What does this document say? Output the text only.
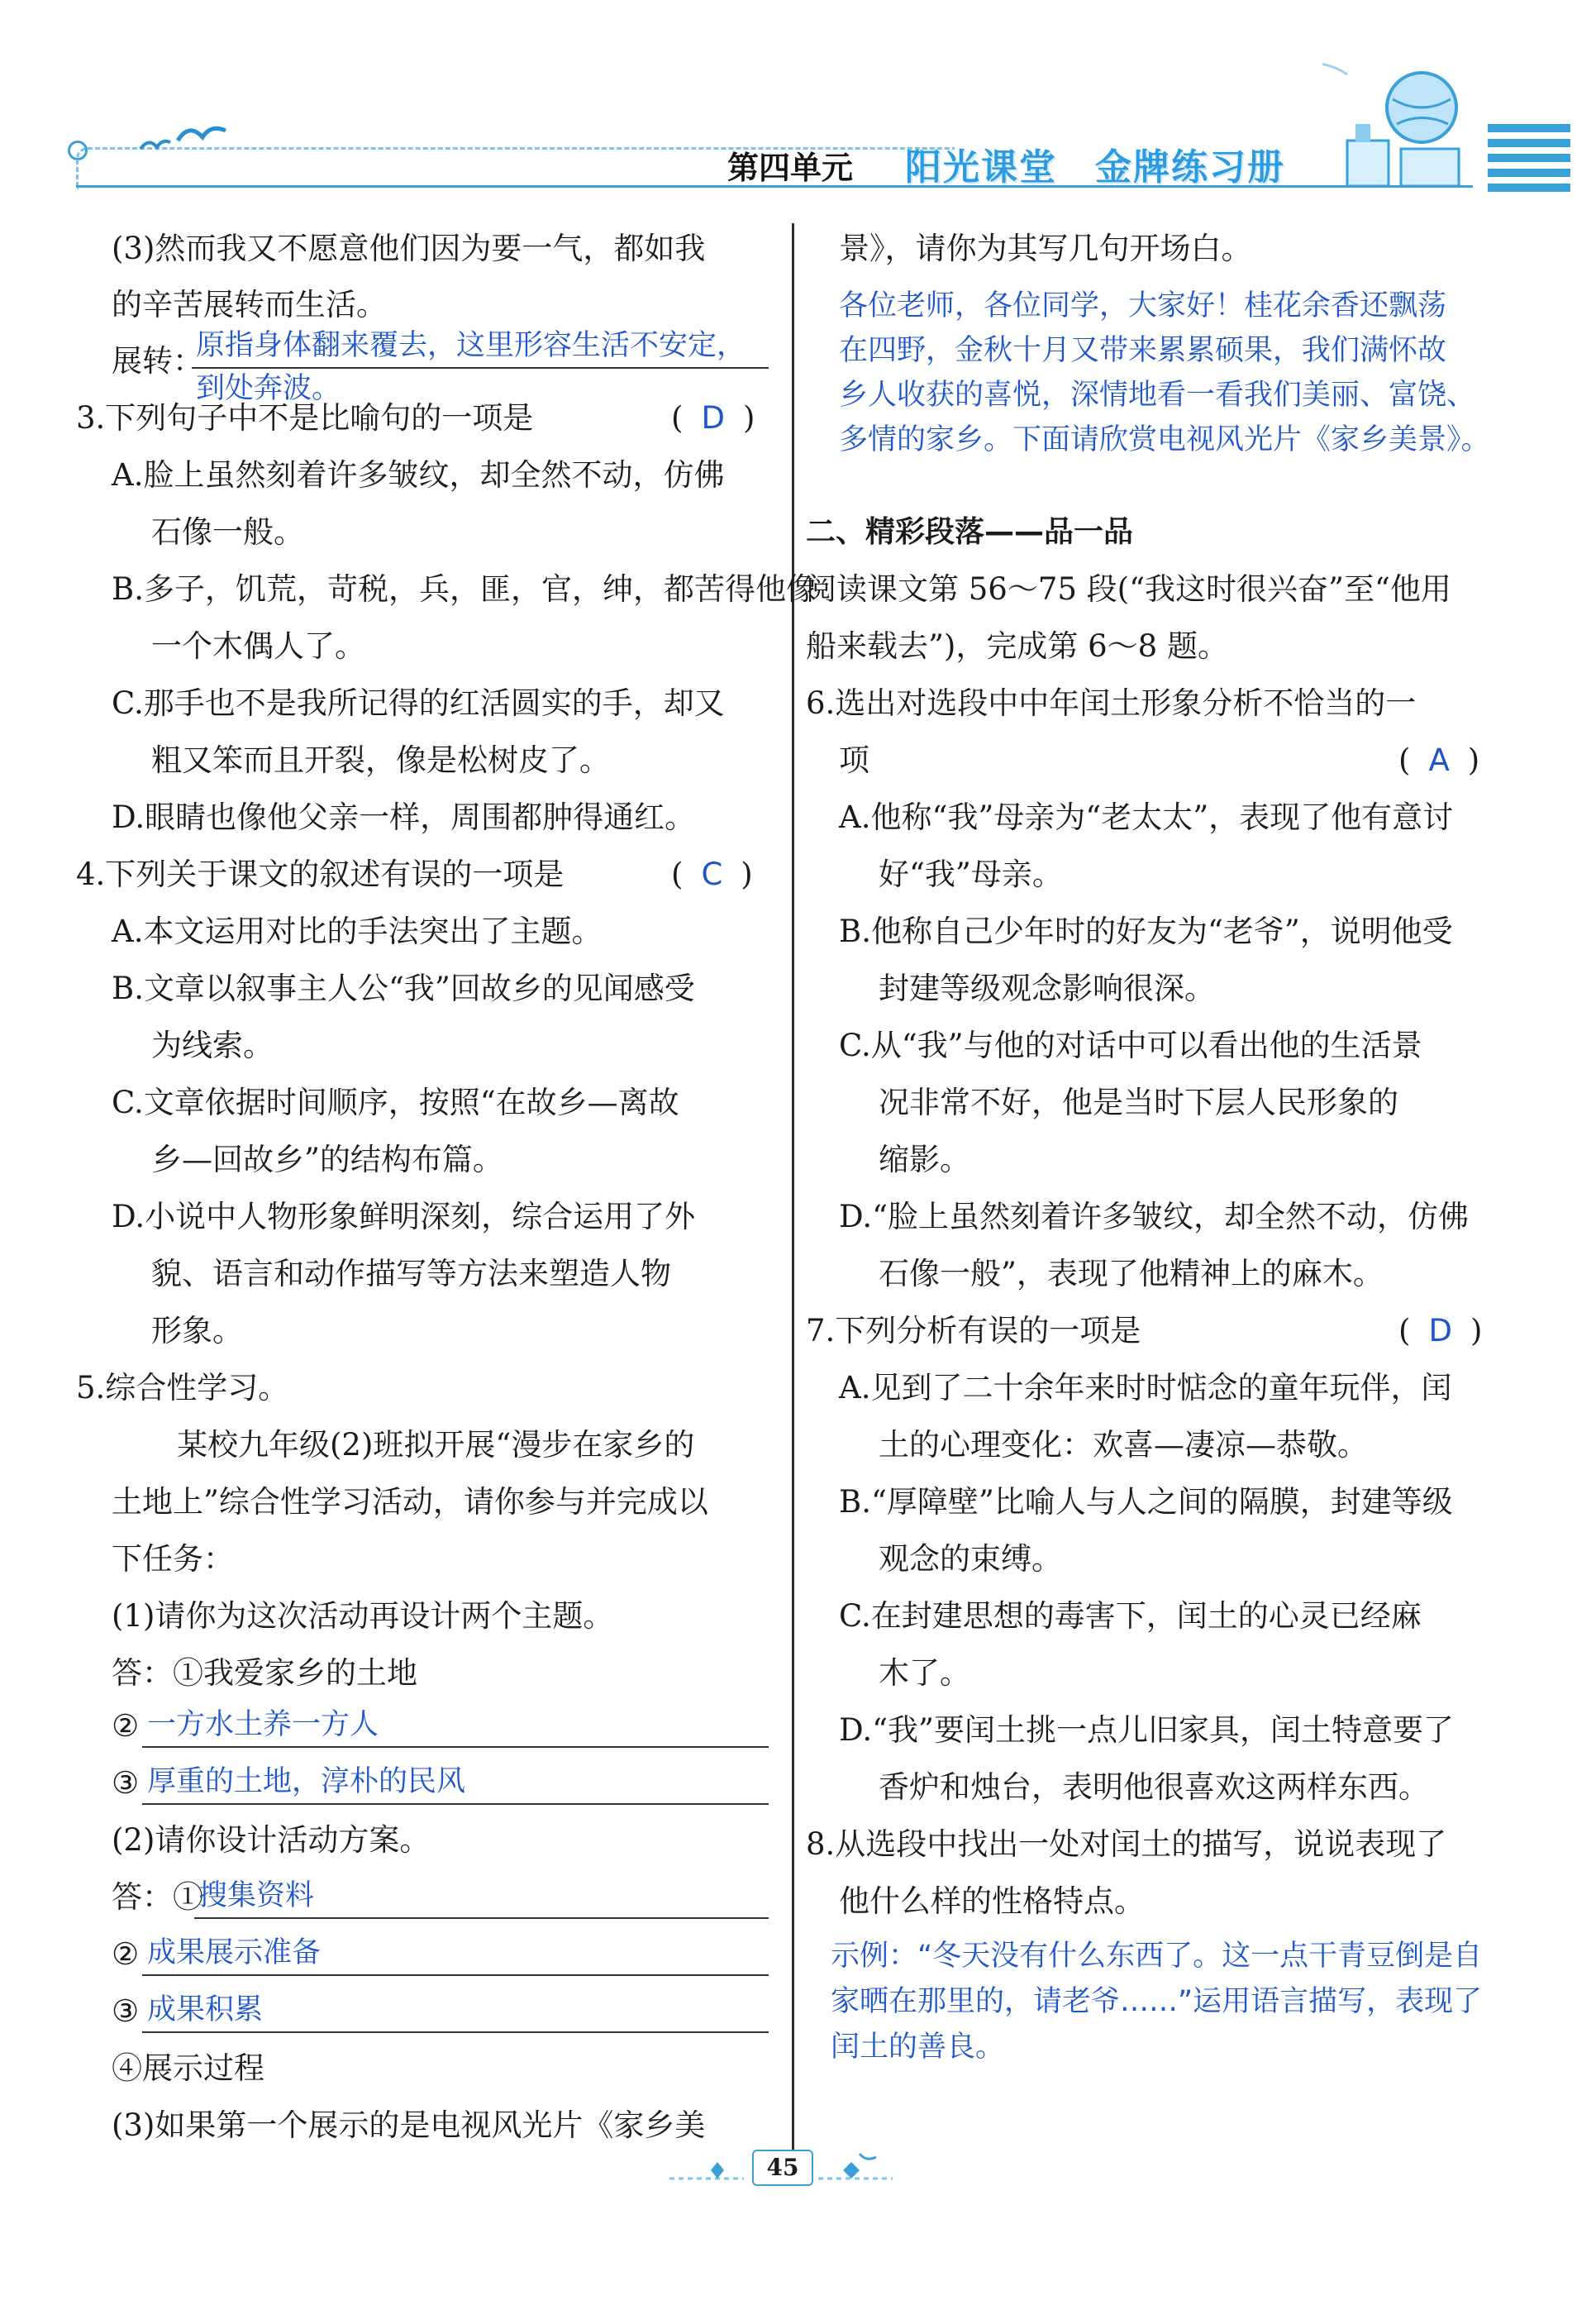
第四单元 阳光课堂　金牌练习册
(3)然而我又不愿意他们因为要一气，都如我
的辛苦展转而生活。
展转：
原指身体翻来覆去，这里形容生活不安定，
到处奔波。
3.下列句子中不是比喻句的一项是	( D )
A.脸上虽然刻着许多皱纹，却全然不动，仿佛
石像一般。
B.多子，饥荒，苛税，兵，匪，官，绅，都苦得他像
一个木偶人了。
C.那手也不是我所记得的红活圆实的手，却又
粗又笨而且开裂，像是松树皮了。
D.眼睛也像他父亲一样，周围都肿得通红。
4.下列关于课文的叙述有误的一项是	( C )
A.本文运用对比的手法突出了主题。
B.文章以叙事主人公“我”回故乡的见闻感受
为线索。
C.文章依据时间顺序，按照“在故乡—离故
乡—回故乡”的结构布篇。
D.小说中人物形象鲜明深刻，综合运用了外
貌、语言和动作描写等方法来塑造人物
形象。
5.综合性学习。
某校九年级(2)班拟开展“漫步在家乡的
土地上”综合性学习活动，请你参与并完成以
下任务：
(1)请你为这次活动再设计两个主题。
答：①我爱家乡的土地
② 一方水土养一方人
③ 厚重的土地，淳朴的民风
(2)请你设计活动方案。
答：①
搜集资料
② 成果展示准备
③ 成果积累
④展示过程
(3)如果第一个展示的是电视风光片《家乡美
景》，请你为其写几句开场白。
各位老师，各位同学，大家好！桂花余香还飘荡
在四野，金秋十月又带来累累硕果，我们满怀故
乡人收获的喜悦，深情地看一看我们美丽、富饶、
多情的家乡。下面请欣赏电视风光片《家乡美景》。
二、精彩段落——品一品
阅读课文第 56～75 段(“我这时很兴奋”至“他用
船来载去”)，完成第 6～8 题。
6.选出对选段中中年闰土形象分析不恰当的一
项	( A )
A.他称“我”母亲为“老太太”，表现了他有意讨
好“我”母亲。
B.他称自己少年时的好友为“老爷”，说明他受
封建等级观念影响很深。
C.从“我”与他的对话中可以看出他的生活景
况非常不好，他是当时下层人民形象的
缩影。
D.“脸上虽然刻着许多皱纹，却全然不动，仿佛
石像一般”，表现了他精神上的麻木。
7.下列分析有误的一项是	( D )
A.见到了二十余年来时时惦念的童年玩伴，闰
土的心理变化：欢喜—凄凉—恭敬。
B.“厚障壁”比喻人与人之间的隔膜，封建等级
观念的束缚。
C.在封建思想的毒害下，闰土的心灵已经麻
木了。
D.“我”要闰土挑一点儿旧家具，闰土特意要了
香炉和烛台，表明他很喜欢这两样东西。
8.从选段中找出一处对闰土的描写，说说表现了
他什么样的性格特点。
示例：“冬天没有什么东西了。这一点干青豆倒是自
家晒在那里的，请老爷……”运用语言描写，表现了
闰土的善良。
45
